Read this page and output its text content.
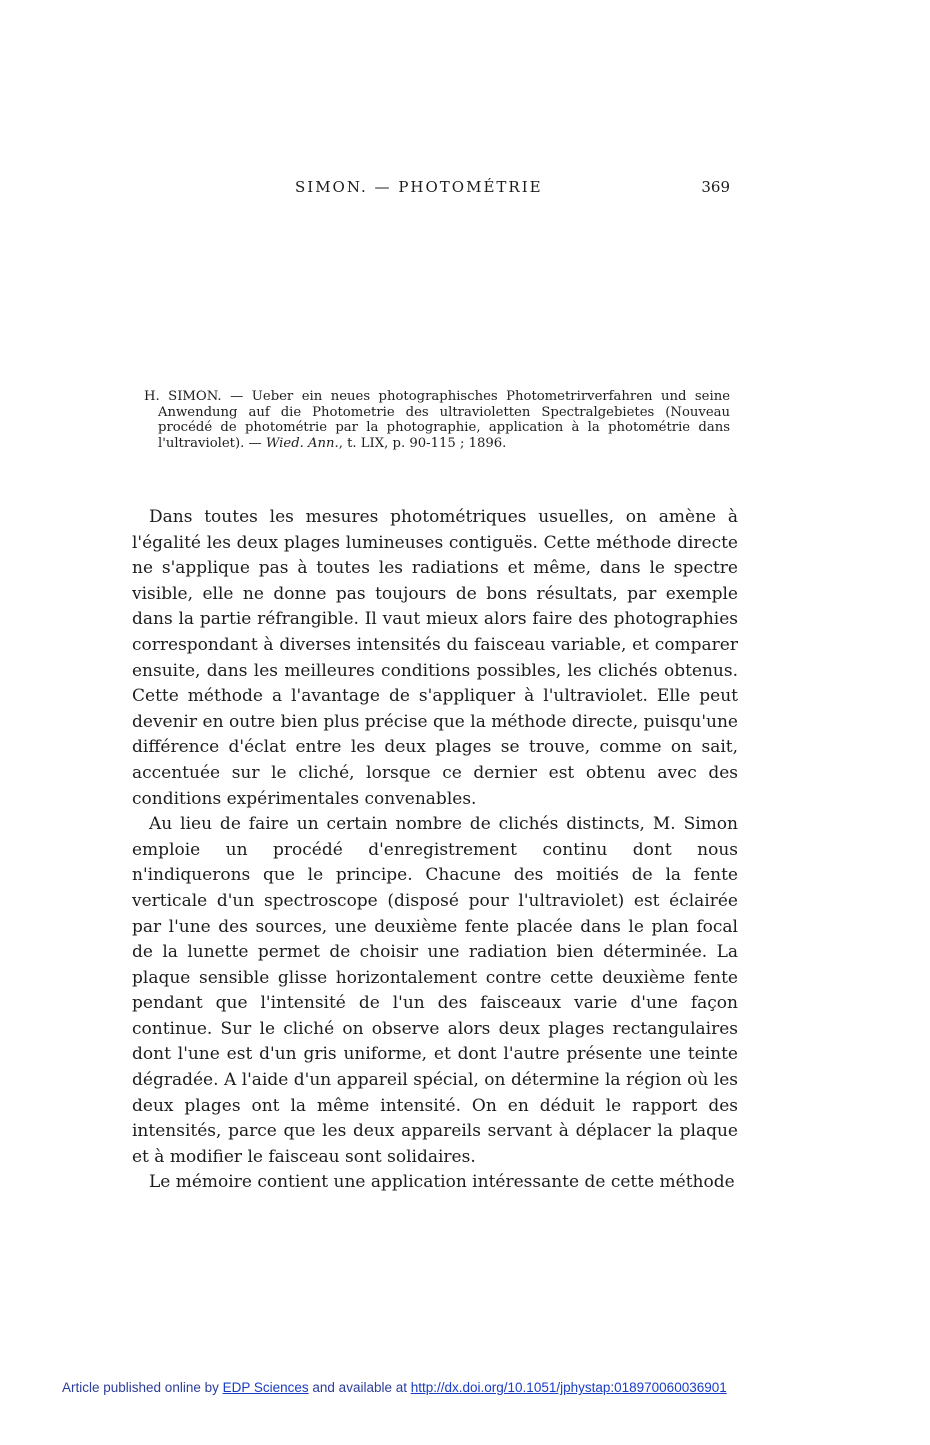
SIMON. — PHOTOMÉTRIE	369
H. SIMON. — Ueber ein neues photographisches Photometrirverfahren und seine Anwendung auf die Photometrie des ultravioletten Spectralgebietes (Nouveau procédé de photométrie par la photographie, application à la photométrie dans l'ultraviolet). — Wied. Ann., t. LIX, p. 90-115 ; 1896.

Dans toutes les mesures photométriques usuelles, on amène à l'égalité les deux plages lumineuses contiguës. Cette méthode directe ne s'applique pas à toutes les radiations et même, dans le spectre visible, elle ne donne pas toujours de bons résultats, par exemple dans la partie réfrangible. Il vaut mieux alors faire des photographies correspondant à diverses intensités du faisceau variable, et comparer ensuite, dans les meilleures conditions possibles, les clichés obtenus. Cette méthode a l'avantage de s'appliquer à l'ultraviolet. Elle peut devenir en outre bien plus précise que la méthode directe, puisqu'une différence d'éclat entre les deux plages se trouve, comme on sait, accentuée sur le cliché, lorsque ce dernier est obtenu avec des conditions expérimentales convenables.

Au lieu de faire un certain nombre de clichés distincts, M. Simon emploie un procédé d'enregistrement continu dont nous n'indiquerons que le principe. Chacune des moitiés de la fente verticale d'un spectroscope (disposé pour l'ultraviolet) est éclairée par l'une des sources, une deuxième fente placée dans le plan focal de la lunette permet de choisir une radiation bien déterminée. La plaque sensible glisse horizontalement contre cette deuxième fente pendant que l'intensité de l'un des faisceaux varie d'une façon continue. Sur le cliché on observe alors deux plages rectangulaires dont l'une est d'un gris uniforme, et dont l'autre présente une teinte dégradée. A l'aide d'un appareil spécial, on détermine la région où les deux plages ont la même intensité. On en déduit le rapport des intensités, parce que les deux appareils servant à déplacer la plaque et à modifier le faisceau sont solidaires.

Le mémoire contient une application intéressante de cette méthode

Article published online by EDP Sciences and available at http://dx.doi.org/10.1051/jphystap:018970060036901
